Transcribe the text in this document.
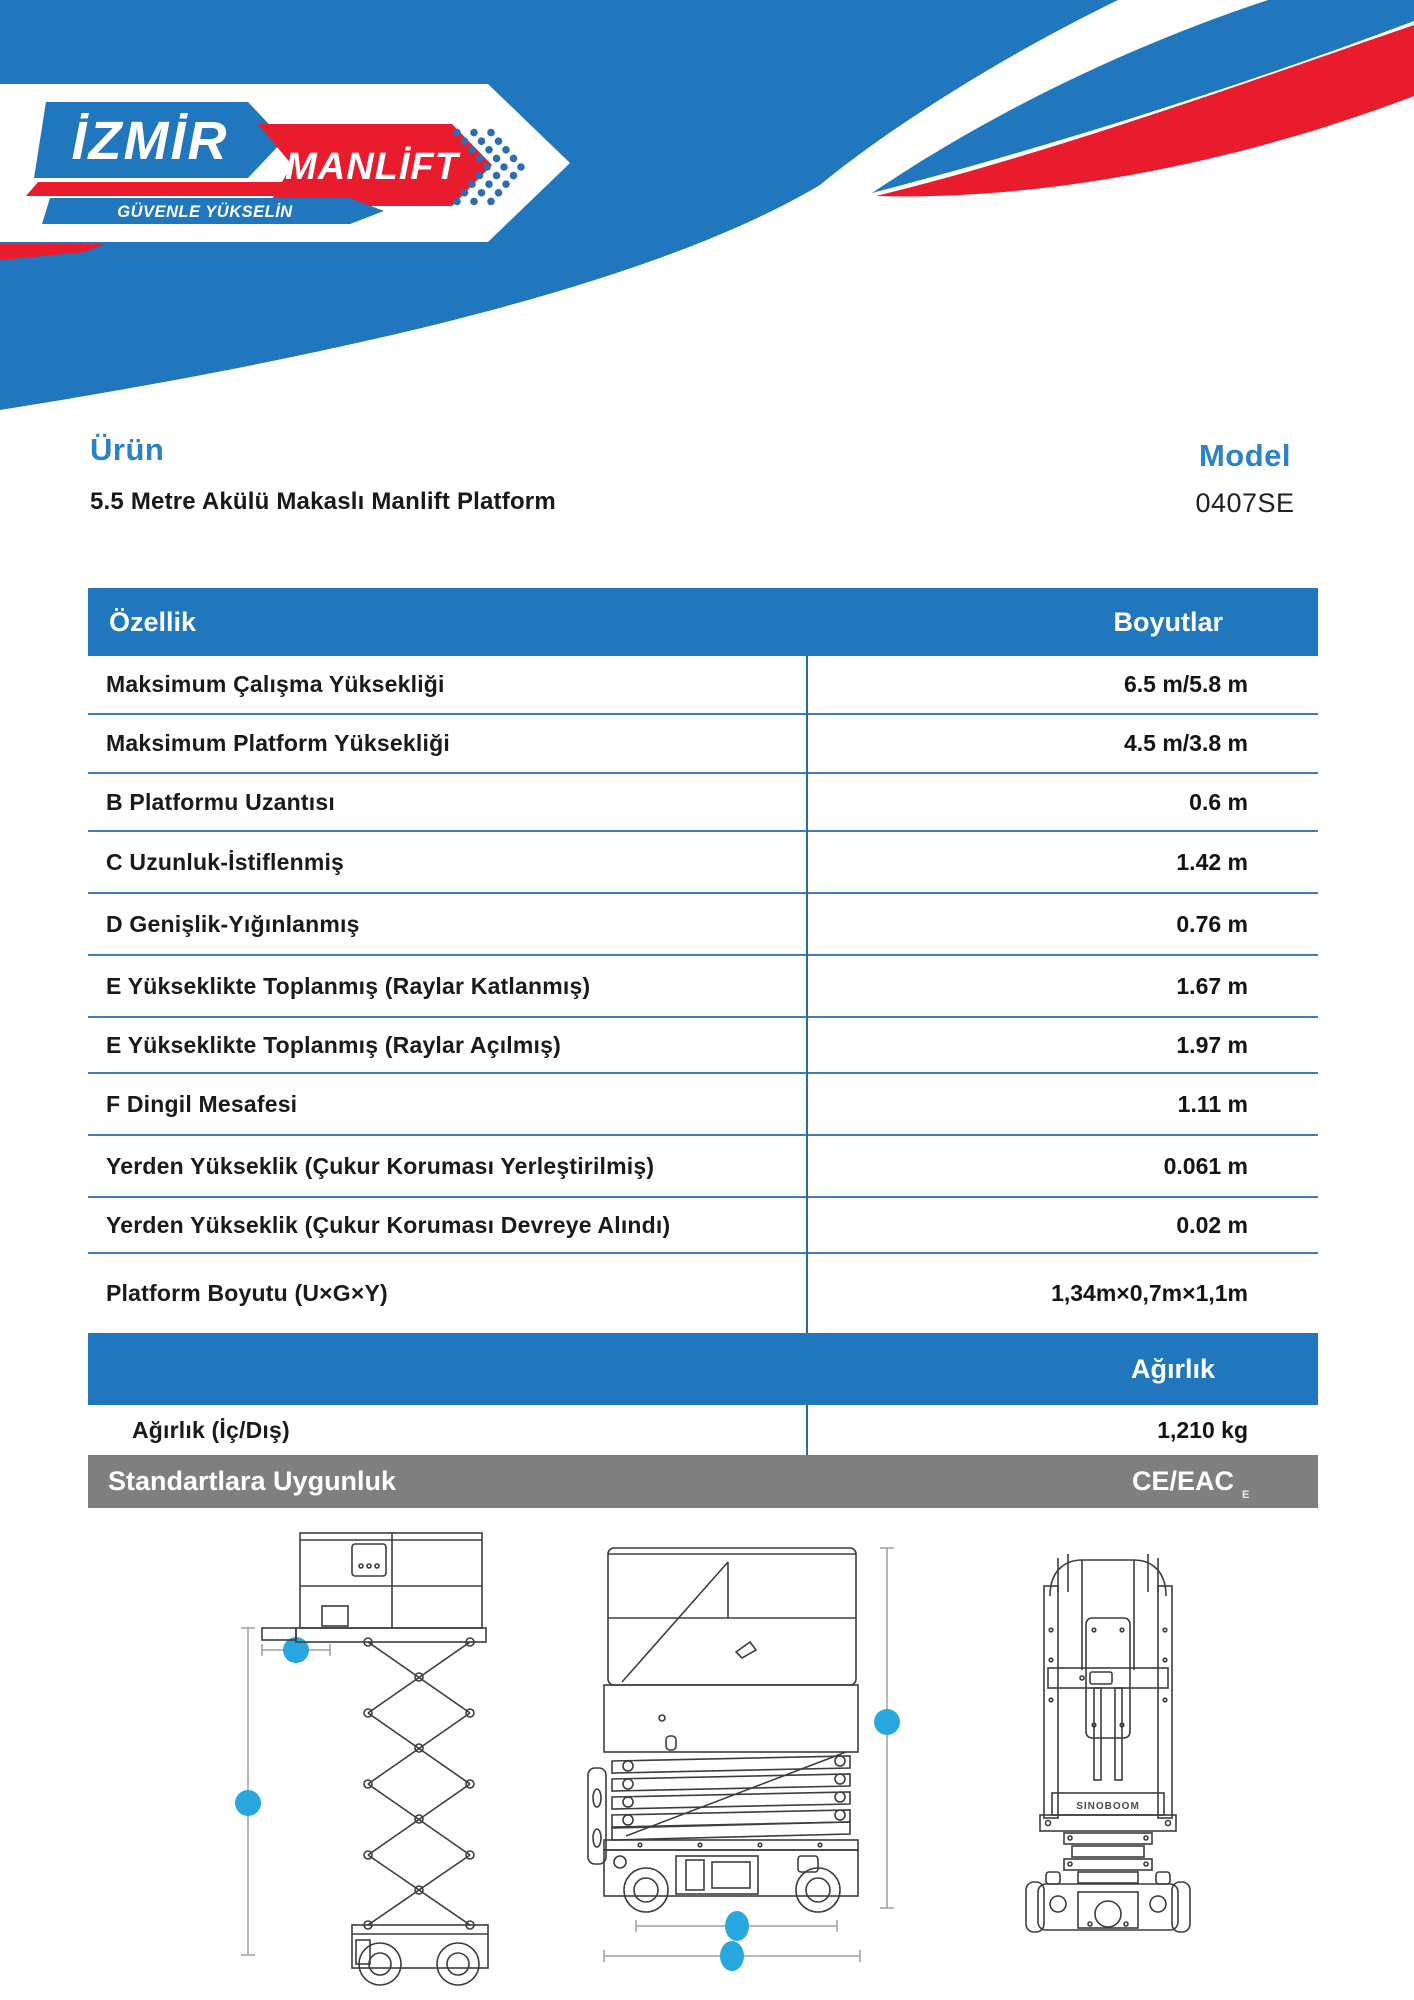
İZMİR MANLİFT
GÜVENLE YÜKSELİN
Ürün
5.5 Metre Akülü Makaslı Manlift Platform
Model
0407SE
Özellik	Boyutlar
Maksimum Çalışma Yüksekliği	6.5 m/5.8 m
Maksimum Platform Yüksekliği	4.5 m/3.8 m
B Platformu Uzantısı	0.6 m
C Uzunluk-İstiflenmiş	1.42 m
D Genişlik-Yığınlanmış	0.76 m
E Yükseklikte Toplanmış (Raylar Katlanmış)	1.67 m
E Yükseklikte Toplanmış (Raylar Açılmış)	1.97 m
F Dingil Mesafesi	1.11 m
Yerden Yükseklik (Çukur Koruması Yerleştirilmiş)	0.061 m
Yerden Yükseklik (Çukur Koruması Devreye Alındı)	0.02 m
Platform Boyutu (U×G×Y)	1,34m×0,7m×1,1m
Ağırlık
Ağırlık (İç/Dış)	1,210 kg
Standartlara Uygunluk	CE/EAC E
SINOBOOM
